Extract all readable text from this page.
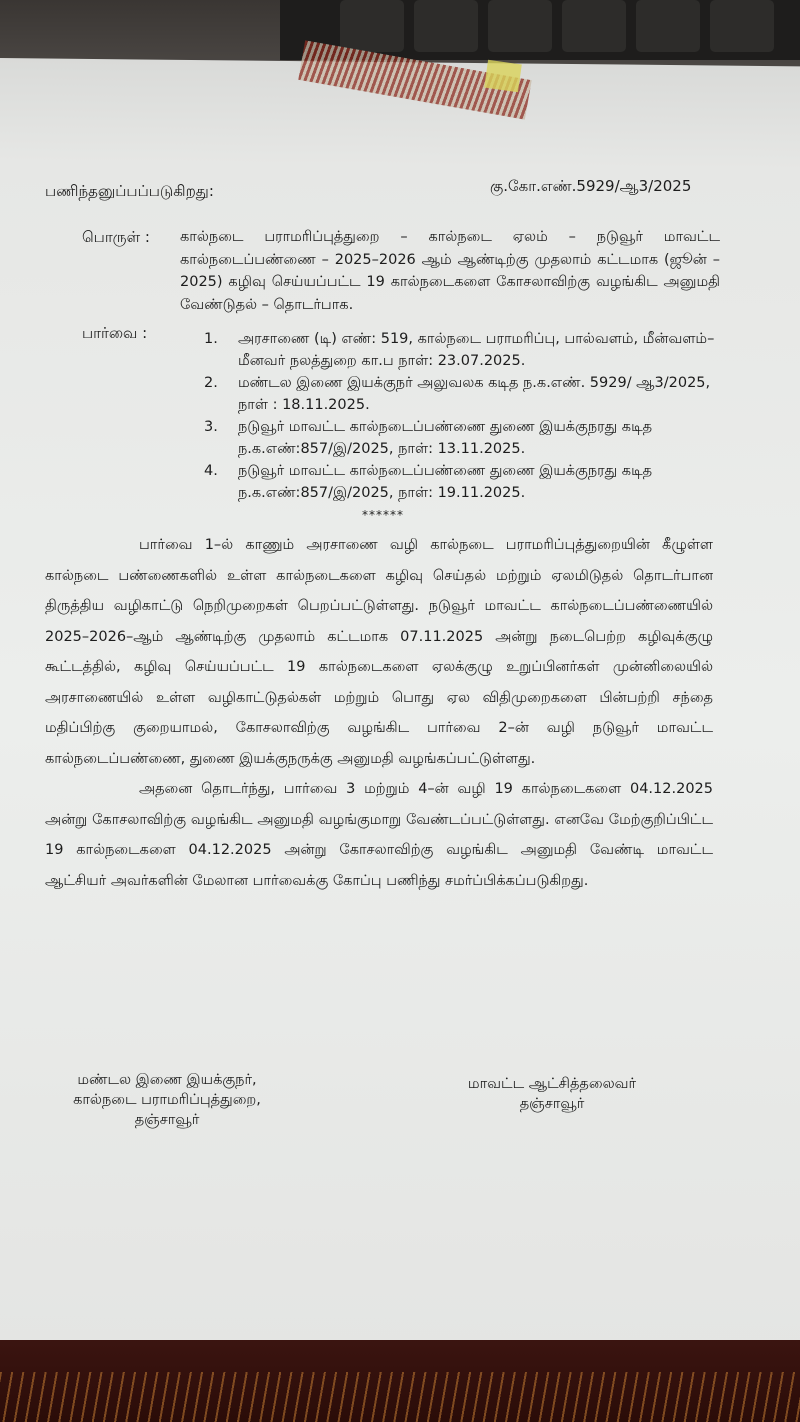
பணிந்தனுப்பப்படுகிறது:	கு.கோ.எண்.5929/ஆ3/2025
பொருள் : கால்நடை பராமரிப்புத்துறை – கால்நடை ஏலம் – நடுவூர் மாவட்ட கால்நடைப்பண்ணை – 2025–2026 ஆம் ஆண்டிற்கு முதலாம் கட்டமாக (ஜூன் –2025) கழிவு செய்யப்பட்ட 19 கால்நடைகளை கோசலாவிற்கு வழங்கிட அனுமதி வேண்டுதல் – தொடர்பாக.
பார்வை :	1.	அரசாணை (டி) எண்: 519, கால்நடை பராமரிப்பு, பால்வளம், மீன்வளம்–மீனவர் நலத்துறை கா.ப நாள்: 23.07.2025.
2.	மண்டல இணை இயக்குநர் அலுவலக கடித ந.க.எண். 5929/ ஆ3/2025, நாள் : 18.11.2025.
3.	நடுவூர் மாவட்ட கால்நடைப்பண்ணை துணை இயக்குநரது கடித ந.க.எண்:857/இ/2025, நாள்: 13.11.2025.
4.	நடுவூர் மாவட்ட கால்நடைப்பண்ணை துணை இயக்குநரது கடித ந.க.எண்:857/இ/2025, நாள்: 19.11.2025.
******

பார்வை 1–ல் காணும் அரசாணை வழி கால்நடை பராமரிப்புத்துறையின் கீழுள்ள கால்நடை பண்ணைகளில் உள்ள கால்நடைகளை கழிவு செய்தல் மற்றும் ஏலமிடுதல் தொடர்பான திருத்திய வழிகாட்டு நெறிமுறைகள் பெறப்பட்டுள்ளது. நடுவூர் மாவட்ட கால்நடைப்பண்ணையில் 2025–2026–ஆம் ஆண்டிற்கு முதலாம் கட்டமாக 07.11.2025 அன்று நடைபெற்ற கழிவுக்குழு கூட்டத்தில், கழிவு செய்யப்பட்ட 19 கால்நடைகளை ஏலக்குழு உறுப்பினர்கள் முன்னிலையில் அரசாணையில் உள்ள வழிகாட்டுதல்கள் மற்றும் பொது ஏல விதிமுறைகளை பின்பற்றி சந்தை மதிப்பிற்கு குறையாமல், கோசலாவிற்கு வழங்கிட பார்வை 2–ன் வழி நடுவூர் மாவட்ட கால்நடைப்பண்ணை, துணை இயக்குநருக்கு அனுமதி வழங்கப்பட்டுள்ளது.

அதனை தொடர்ந்து, பார்வை 3 மற்றும் 4–ன் வழி 19 கால்நடைகளை 04.12.2025 அன்று கோசலாவிற்கு வழங்கிட அனுமதி வழங்குமாறு வேண்டப்பட்டுள்ளது. எனவே மேற்குறிப்பிட்ட 19 கால்நடைகளை 04.12.2025 அன்று கோசலாவிற்கு வழங்கிட அனுமதி வேண்டி மாவட்ட ஆட்சியர் அவர்களின் மேலான பார்வைக்கு கோப்பு பணிந்து சமர்ப்பிக்கப்படுகிறது.

மண்டல இணை இயக்குநர்,
கால்நடை பராமரிப்புத்துறை,
தஞ்சாவூர்
மாவட்ட ஆட்சித்தலைவர்
தஞ்சாவூர்
